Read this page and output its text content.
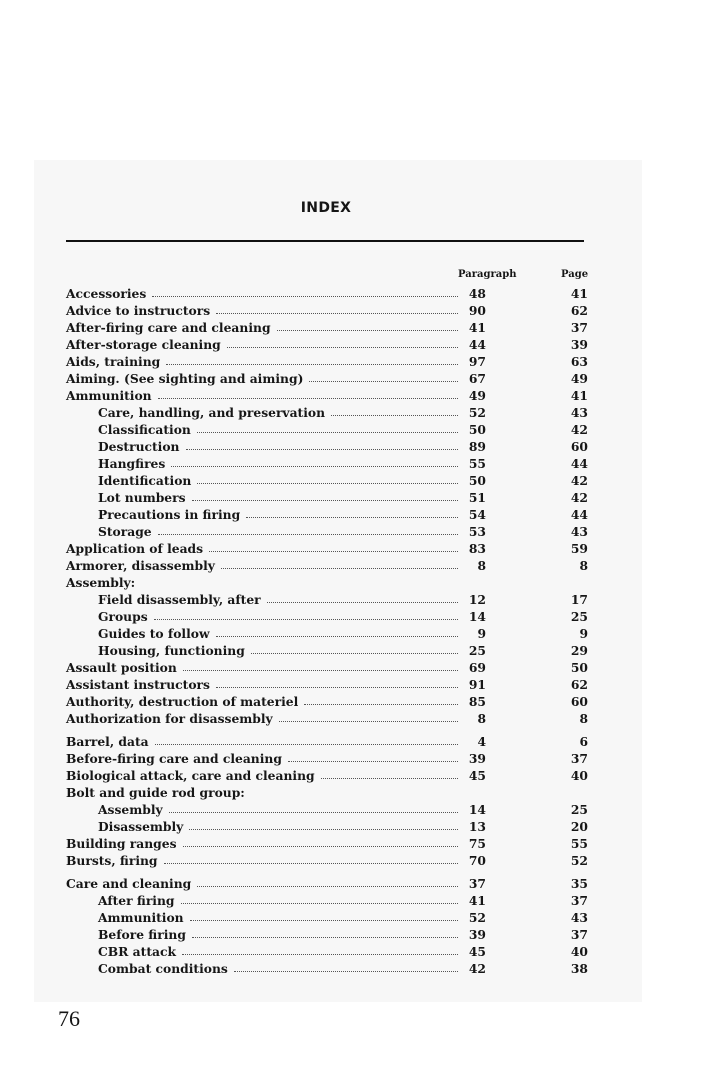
INDEX
Paragraph	Page
Accessories	48	41
Advice to instructors	90	62
After-firing care and cleaning	41	37
After-storage cleaning	44	39
Aids, training	97	63
Aiming. (See sighting and aiming)	67	49
Ammunition	49	41
Care, handling, and preservation	52	43
Classification	50	42
Destruction	89	60
Hangfires	55	44
Identification	50	42
Lot numbers	51	42
Precautions in firing	54	44
Storage	53	43
Application of leads	83	59
Armorer, disassembly	8	8
Assembly:
Field disassembly, after	12	17
Groups	14	25
Guides to follow	9	9
Housing, functioning	25	29
Assault position	69	50
Assistant instructors	91	62
Authority, destruction of materiel	85	60
Authorization for disassembly	8	8
Barrel, data	4	6
Before-firing care and cleaning	39	37
Biological attack, care and cleaning	45	40
Bolt and guide rod group:
Assembly	14	25
Disassembly	13	20
Building ranges	75	55
Bursts, firing	70	52
Care and cleaning	37	35
After firing	41	37
Ammunition	52	43
Before firing	39	37
CBR attack	45	40
Combat conditions	42	38
76
